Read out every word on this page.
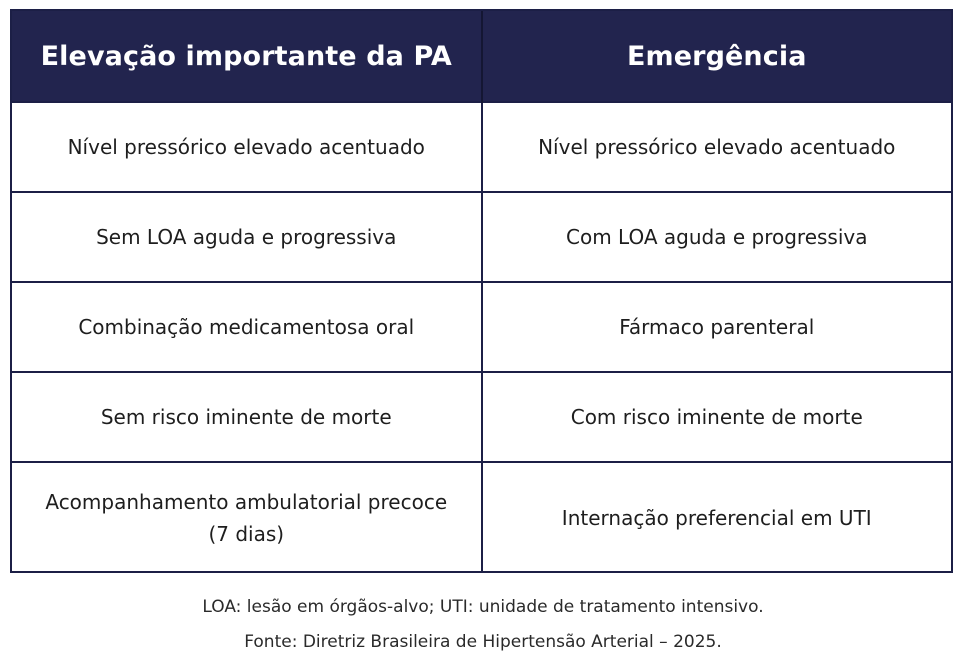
Elevação importante da PA	Emergência
Nível pressórico elevado acentuado	Nível pressórico elevado acentuado
Sem LOA aguda e progressiva	Com LOA aguda e progressiva
Combinação medicamentosa oral	Fármaco parenteral
Sem risco iminente de morte	Com risco iminente de morte
Acompanhamento ambulatorial precoce (7 dias)	Internação preferencial em UTI
LOA: lesão em órgãos-alvo; UTI: unidade de tratamento intensivo.
Fonte: Diretriz Brasileira de Hipertensão Arterial – 2025.
